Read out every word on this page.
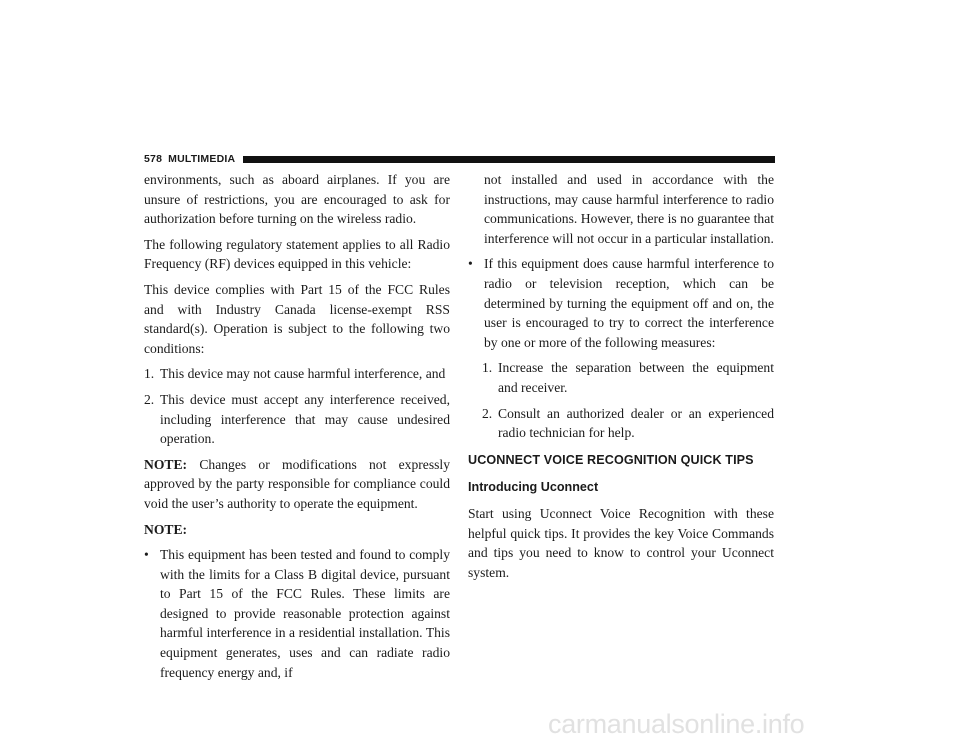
578 MULTIMEDIA

environments, such as aboard airplanes. If you are unsure of restrictions, you are encouraged to ask for authorization before turning on the wireless radio.

The following regulatory statement applies to all Radio Frequency (RF) devices equipped in this vehicle:

This device complies with Part 15 of the FCC Rules and with Industry Canada license-exempt RSS standard(s). Operation is subject to the following two conditions:

1. This device may not cause harmful interference, and
2. This device must accept any interference received, including interference that may cause undesired operation.

NOTE: Changes or modifications not expressly approved by the party responsible for compliance could void the user’s authority to operate the equipment.

NOTE:

• This equipment has been tested and found to comply with the limits for a Class B digital device, pursuant to Part 15 of the FCC Rules. These limits are designed to provide reasonable protection against harmful interference in a residential installation. This equipment generates, uses and can radiate radio frequency energy and, if
not installed and used in accordance with the instructions, may cause harmful interference to radio communications. However, there is no guarantee that interference will not occur in a particular installation.
• If this equipment does cause harmful interference to radio or television reception, which can be determined by turning the equipment off and on, the user is encouraged to try to correct the interference by one or more of the following measures:
1. Increase the separation between the equipment and receiver.
2. Consult an authorized dealer or an experienced radio technician for help.
UCONNECT VOICE RECOGNITION QUICK TIPS
Introducing Uconnect

Start using Uconnect Voice Recognition with these helpful quick tips. It provides the key Voice Commands and tips you need to know to control your Uconnect system.

carmanualsonline.info
